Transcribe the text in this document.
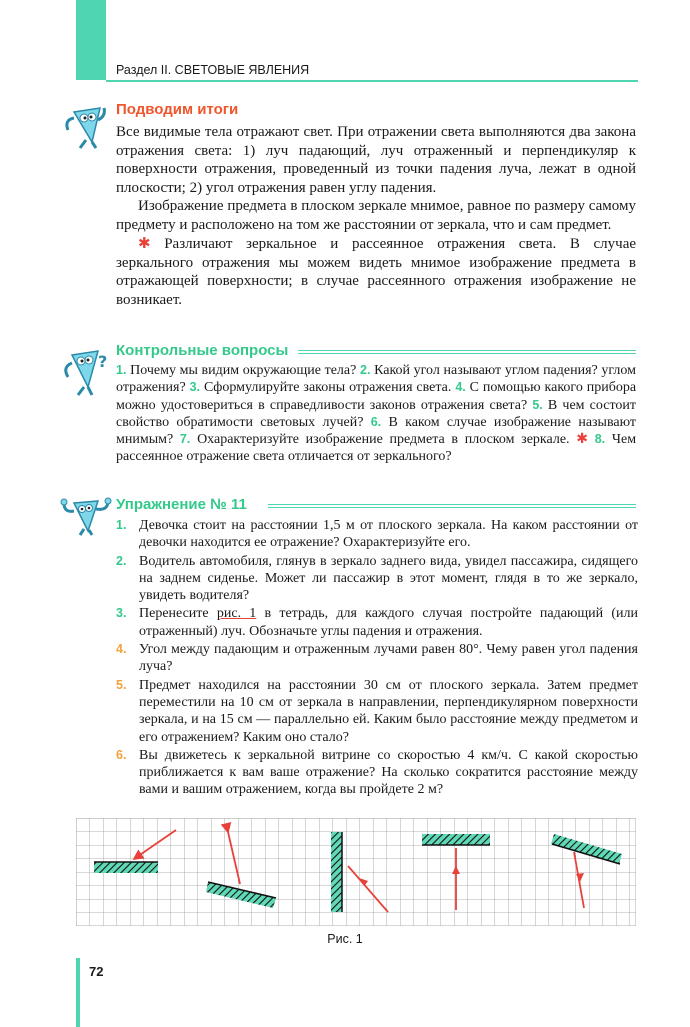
Раздел II. СВЕТОВЫЕ ЯВЛЕНИЯ
Подводим итоги

Все видимые тела отражают свет. При отражении света выполняются два закона отражения света: 1) луч падающий, луч отраженный и перпендикуляр к поверхности отражения, проведенный из точки падения луча, лежат в одной плоскости; 2) угол отражения равен углу падения.

Изображение предмета в плоском зеркале мнимое, равное по размеру самому предмету и расположено на том же расстоянии от зеркала, что и сам предмет.

✱ Различают зеркальное и рассеянное отражения света. В случае зеркального отражения мы можем видеть мнимое изображение предмета в отражающей поверхности; в случае рассеянного отражения изображение не возникает.

?
Контрольные вопросы
1. Почему мы видим окружающие тела? 2. Какой угол называют углом падения? углом отражения? 3. Сформулируйте законы отражения света. 4. С помощью какого прибора можно удостовериться в справедливости законов отражения света? 5. В чем состоит свойство обратимости световых лучей? 6. В каком случае изображение называют мнимым? 7. Охарактеризуйте изображение предмета в плоском зеркале. ✱ 8. Чем рассеянное отражение света отличается от зеркального?
Упражнение № 11
1. Девочка стоит на расстоянии 1,5 м от плоского зеркала. На каком расстоянии от девочки находится ее отражение? Охарактеризуйте его.
2. Водитель автомобиля, глянув в зеркало заднего вида, увидел пассажира, сидящего на заднем сиденье. Может ли пассажир в этот момент, глядя в то же зеркало, увидеть водителя?
3. Перенесите рис. 1 в тетрадь, для каждого случая постройте падающий (или отраженный) луч. Обозначьте углы падения и отражения.
4. Угол между падающим и отраженным лучами равен 80°. Чему равен угол падения луча?
5. Предмет находился на расстоянии 30 см от плоского зеркала. Затем предмет переместили на 10 см от зеркала в направлении, перпендикулярном поверхности зеркала, и на 15 см — параллельно ей. Каким было расстояние между предметом и его отражением? Каким оно стало?
6. Вы движетесь к зеркальной витрине со скоростью 4 км/ч. С какой скоростью приближается к вам ваше отражение? На сколько сократится расстояние между вами и вашим отражением, когда вы пройдете 2 м?
Рис. 1
72
